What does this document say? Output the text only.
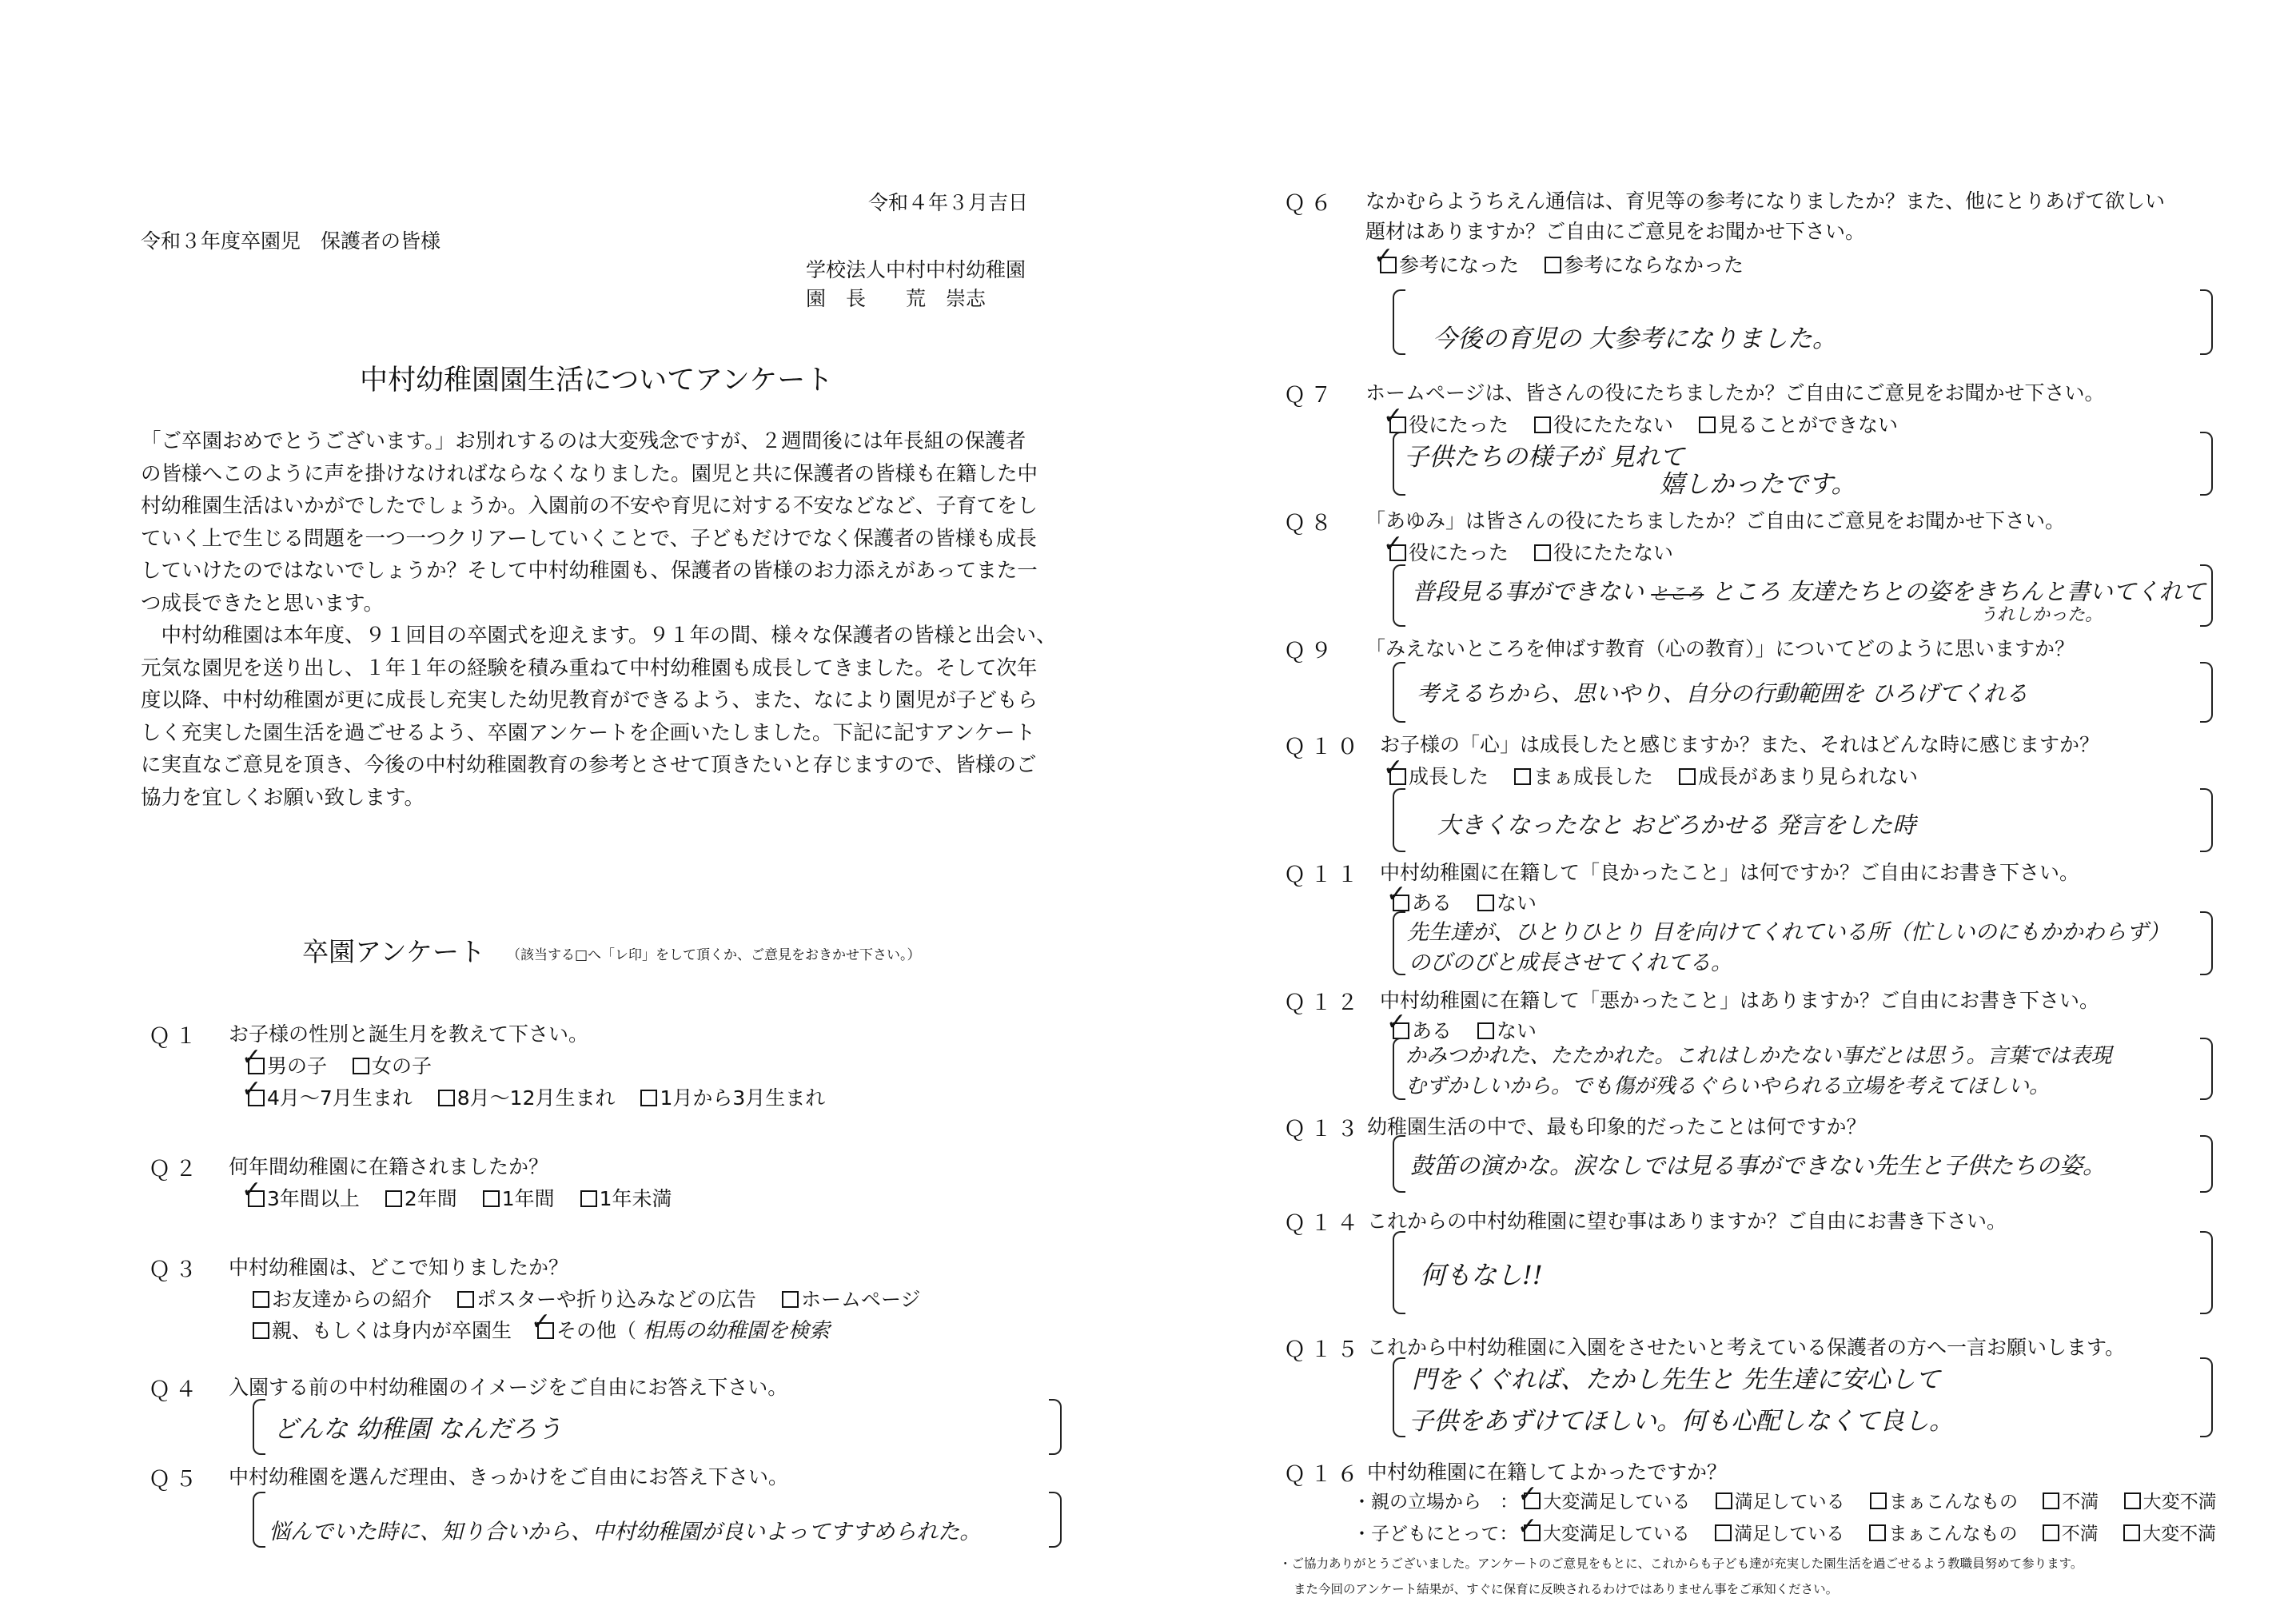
令和４年３月吉日
令和３年度卒園児　保護者の皆様
学校法人中村中村幼稚園
園　長　　荒　崇志
中村幼稚園園生活についてアンケート
「ご卒園おめでとうございます。」お別れするのは大変残念ですが、２週間後には年長組の保護者
の皆様へこのように声を掛けなければならなくなりました。園児と共に保護者の皆様も在籍した中
村幼稚園生活はいかがでしたでしょうか。入園前の不安や育児に対する不安などなど、子育てをし
ていく上で生じる問題を一つ一つクリアーしていくことで、子どもだけでなく保護者の皆様も成長
していけたのではないでしょうか？そして中村幼稚園も、保護者の皆様のお力添えがあってまた一
つ成長できたと思います。
　中村幼稚園は本年度、９１回目の卒園式を迎えます。９１年の間、様々な保護者の皆様と出会い、
元気な園児を送り出し、１年１年の経験を積み重ねて中村幼稚園も成長してきました。そして次年
度以降、中村幼稚園が更に成長し充実した幼児教育ができるよう、また、なにより園児が子どもら
しく充実した園生活を過ごせるよう、卒園アンケートを企画いたしました。下記に記すアンケート
に実直なご意見を頂き、今後の中村幼稚園教育の参考とさせて頂きたいと存じますので、皆様のご
協力を宜しくお願い致します。
卒園アンケート （該当する□へ「レ印」をして頂くか、ご意見をおきかせ下さい。）
Ｑ１ お子様の性別と誕生月を教えて下さい。
男の子 ✓ 女の子
4月～7月生まれ ✓ 8月～12月生まれ 1月から3月生まれ
Ｑ２ 何年間幼稚園に在籍されましたか？
3年間以上 ✓ 2年間 1年間 1年未満
Ｑ３ 中村幼稚園は、どこで知りましたか？
お友達からの紹介 ポスターや折り込みなどの広告 ホームページ
親、もしくは身内が卒園生 その他（ ✓ 相馬の幼稚園を検索
Ｑ４ 入園する前の中村幼稚園のイメージをご自由にお答え下さい。
どんな 幼稚園 なんだろう
Ｑ５ 中村幼稚園を選んだ理由、きっかけをご自由にお答え下さい。
悩んでいた時に、知り合いから、中村幼稚園が良いよってすすめられた。
Ｑ６ なかむらようちえん通信は、育児等の参考になりましたか？また、他にとりあげて欲しい
題材はありますか？ご自由にご意見をお聞かせ下さい。
参考になった ✓ 参考にならなかった
今後の育児の 大参考になりました。
Ｑ７ ホームページは、皆さんの役にたちましたか？ご自由にご意見をお聞かせ下さい。
役にたった ✓ 役にたたない 見ることができない
子供たちの様子が 見れて
嬉しかったです。
Ｑ８ 「あゆみ」は皆さんの役にたちましたか？ご自由にご意見をお聞かせ下さい。
役にたった ✓ 役にたたない
普段見る事ができない ところ ところ 友達たちとの姿をきちんと書いてくれて
うれしかった。
Ｑ９ 「みえないところを伸ばす教育（心の教育）」についてどのように思いますか？
考えるちから、思いやり、自分の行動範囲を ひろげてくれる
Ｑ１０ お子様の「心」は成長したと感じますか？また、それはどんな時に感じますか？
成長した ✓ まぁ成長した 成長があまり見られない
大きくなったなと おどろかせる 発言をした時
Ｑ１１ 中村幼稚園に在籍して「良かったこと」は何ですか？ご自由にお書き下さい。
ある ✓ ない
先生達が、ひとりひとり 目を向けてくれている所（忙しいのにもかかわらず）
のびのびと成長させてくれてる。
Ｑ１２ 中村幼稚園に在籍して「悪かったこと」はありますか？ご自由にお書き下さい。
ある ✓ ない
かみつかれた、たたかれた。これはしかたない事だとは思う。言葉では表現
むずかしいから。でも傷が残るぐらいやられる立場を考えてほしい。
Ｑ１３ 幼稚園生活の中で、最も印象的だったことは何ですか？
鼓笛の演かな。涙なしでは見る事ができない先生と子供たちの姿。
Ｑ１４ これからの中村幼稚園に望む事はありますか？ご自由にお書き下さい。
何もなし!!
Ｑ１５ これから中村幼稚園に入園をさせたいと考えている保護者の方へ一言お願いします。
門をくぐれば、たかし先生と 先生達に安心して
子供をあずけてほしい。何も心配しなくて良し。
Ｑ１６ 中村幼稚園に在籍してよかったですか？
・親の立場から　： 大変満足している ✓ 満足している まぁこんなもの 不満 大変不満
・子どもにとって： 大変満足している ✓ 満足している まぁこんなもの 不満 大変不満
・ご協力ありがとうございました。アンケートのご意見をもとに、これからも子ども達が充実した園生活を過ごせるよう教職員努めて参ります。
また今回のアンケート結果が、すぐに保育に反映されるわけではありません事をご承知ください。
